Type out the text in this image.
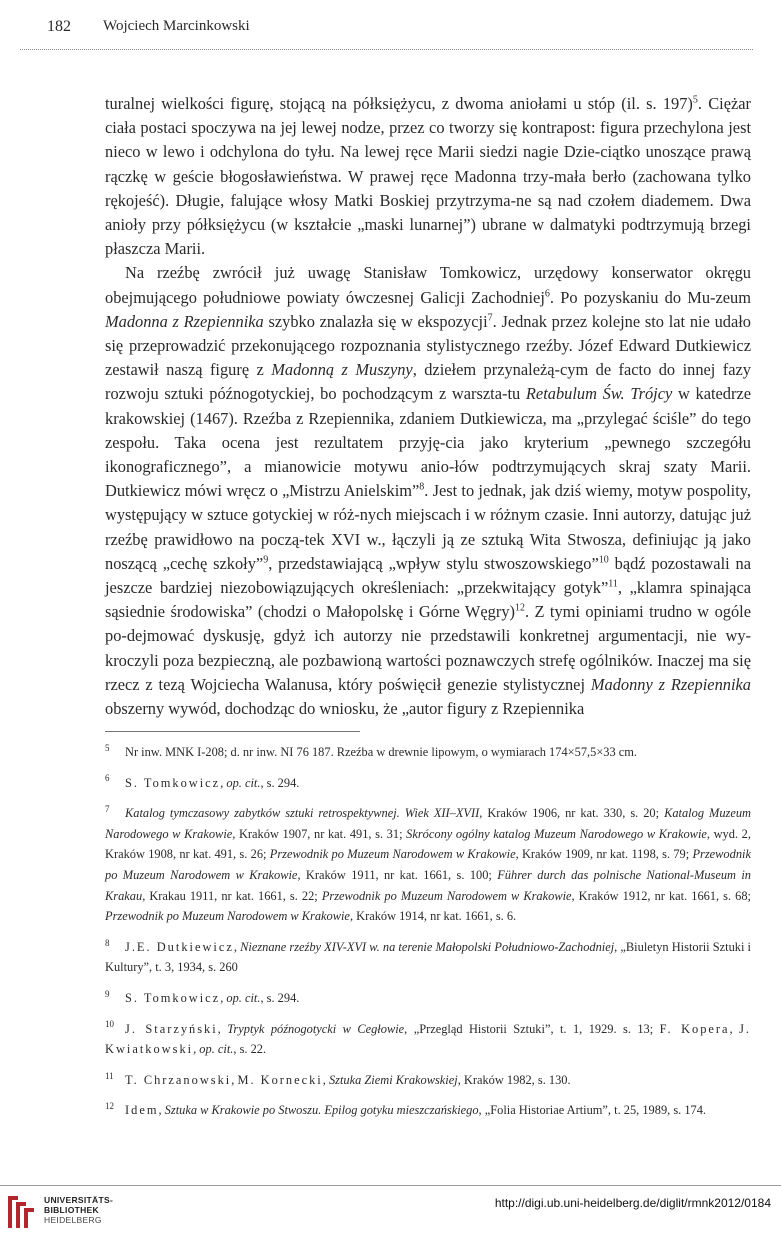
182 Wojciech Marcinkowski

turalnej wielkości figurę, stojącą na półksiężycu, z dwoma aniołami u stóp (il. s. 197)$^5$. Ciężar ciała postaci spoczywa na jej lewej nodze, przez co tworzy się kontrapost: figura przechylona jest nieco w lewo i odchylona do tyłu. Na lewej ręce Marii siedzi nagie Dzie-ciątko unoszące prawą rączkę w geście błogosławieństwa. W prawej ręce Madonna trzy-mała berło (zachowana tylko rękojeść). Długie, falujące włosy Matki Boskiej przytrzyma-ne są nad czołem diademem. Dwa anioły przy półksiężycu (w kształcie „maski lunarnej”) ubrane w dalmatyki podtrzymują brzegi płaszcza Marii.

Na rzeźbę zwrócił już uwagę Stanisław Tomkowicz, urzędowy konserwator okręgu obejmującego południowe powiaty ówczesnej Galicji Zachodniej$^6$. Po pozyskaniu do Mu-zeum Madonna z Rzepiennika szybko znalazła się w ekspozycji$^7$. Jednak przez kolejne sto lat nie udało się przeprowadzić przekonującego rozpoznania stylistycznego rzeźby. Józef Edward Dutkiewicz zestawił naszą figurę z Madonną z Muszyny, dziełem przynależą-cym de facto do innej fazy rozwoju sztuki późnogotyckiej, bo pochodzącym z warszta-tu Retabulum Św. Trójcy w katedrze krakowskiej (1467). Rzeźba z Rzepiennika, zdaniem Dutkiewicza, ma „przylegać ściśle” do tego zespołu. Taka ocena jest rezultatem przyję-cia jako kryterium „pewnego szczegółu ikonograficznego”, a mianowicie motywu anio-łów podtrzymujących skraj szaty Marii. Dutkiewicz mówi wręcz o „Mistrzu Anielskim”$^8$. Jest to jednak, jak dziś wiemy, motyw pospolity, występujący w sztuce gotyckiej w róż-nych miejscach i w różnym czasie. Inni autorzy, datując już rzeźbę prawidłowo na począ-tek XVI w., łączyli ją ze sztuką Wita Stwosza, definiując ją jako noszącą „cechę szkoły”$^9$, przedstawiającą „wpływ stylu stwoszowskiego”$^{10}$ bądź pozostawali na jeszcze bardziej niezobowiązujących określeniach: „przekwitający gotyk”$^{11}$, „klamra spinająca sąsiednie środowiska” (chodzi o Małopolskę i Górne Węgry)$^{12}$. Z tymi opiniami trudno w ogóle po-dejmować dyskusję, gdyż ich autorzy nie przedstawili konkretnej argumentacji, nie wy-kroczyli poza bezpieczną, ale pozbawioną wartości poznawczych strefę ogólników. Inaczej ma się rzecz z tezą Wojciecha Walanusa, który poświęcił genezie stylistycznej Madonny z Rzepiennika obszerny wywód, dochodząc do wniosku, że „autor figury z Rzepiennika

5 Nr inw. MNK I-208; d. nr inw. NI 76 187. Rzeźba w drewnie lipowym, o wymiarach 174×57,5×33 cm.

6 S. Tomkowicz, op. cit., s. 294.

7 Katalog tymczasowy zabytków sztuki retrospektywnej. Wiek XII–XVII, Kraków 1906, nr kat. 330, s. 20; Katalog Muzeum Narodowego w Krakowie, Kraków 1907, nr kat. 491, s. 31; Skrócony ogólny katalog Muzeum Narodowego w Krakowie, wyd. 2, Kraków 1908, nr kat. 491, s. 26; Przewodnik po Muzeum Narodowem w Krakowie, Kraków 1909, nr kat. 1198, s. 79; Przewodnik po Muzeum Narodowem w Krakowie, Kraków 1911, nr kat. 1661, s. 100; Führer durch das polnische National-Museum in Krakau, Krakau 1911, nr kat. 1661, s. 22; Przewodnik po Muzeum Narodowem w Krakowie, Kraków 1912, nr kat. 1661, s. 68; Przewodnik po Muzeum Narodowem w Krakowie, Kraków 1914, nr kat. 1661, s. 6.

8 J.E. Dutkiewicz, Nieznane rzeźby XIV-XVI w. na terenie Małopolski Południowo-Zachodniej, „Biuletyn Historii Sztuki i Kultury”, t. 3, 1934, s. 260

9 S. Tomkowicz, op. cit., s. 294.

10 J. Starzyński, Tryptyk późnogotycki w Cegłowie, „Przegląd Historii Sztuki”, t. 1, 1929. s. 13; F. Kopera, J. Kwiatkowski, op. cit., s. 22.

11 T. Chrzanowski, M. Kornecki, Sztuka Ziemi Krakowskiej, Kraków 1982, s. 130.

12 Idem, Sztuka w Krakowie po Stwoszu. Epilog gotyku mieszczańskiego, „Folia Historiae Artium”, t. 25, 1989, s. 174.

UNIVERSITÄTS-
BIBLIOTHEK
HEIDELBERG
http://digi.ub.uni-heidelberg.de/diglit/rmnk2012/0184
